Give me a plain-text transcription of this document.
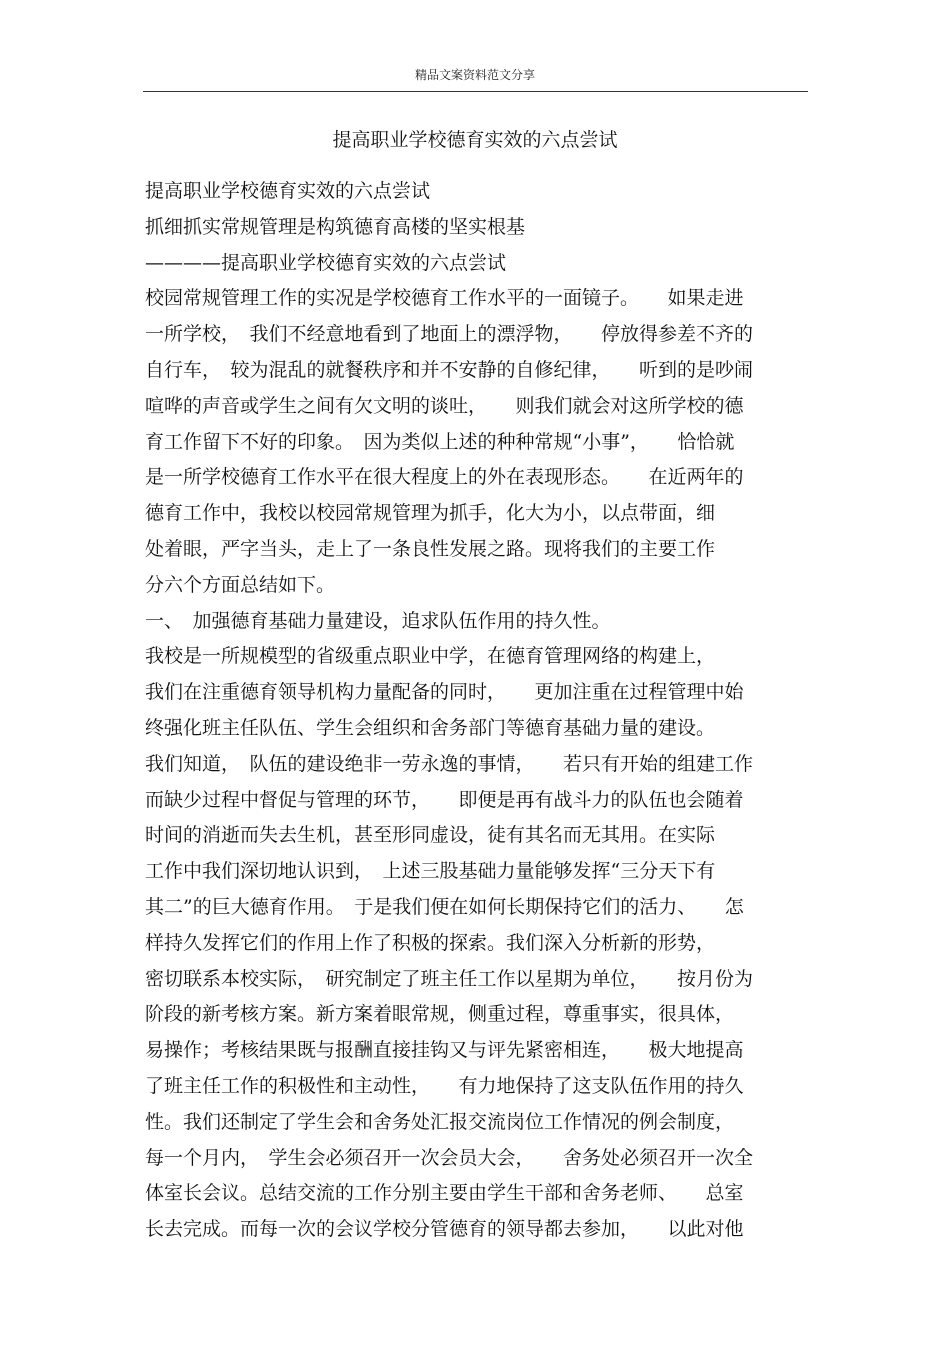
精品文案资料范文分享
提高职业学校德育实效的六点尝试
提高职业学校德育实效的六点尝试
抓细抓实常规管理是构筑德育高楼的坚实根基
————提高职业学校德育实效的六点尝试
校园常规管理工作的实况是学校德育工作水平的一面镜子。　　如果走进
一所学校，　我们不经意地看到了地面上的漂浮物，　　停放得参差不齐的
自行车，　较为混乱的就餐秩序和并不安静的自修纪律，　　听到的是吵闹
喧哗的声音或学生之间有欠文明的谈吐，　　则我们就会对这所学校的德
育工作留下不好的印象。　因为类似上述的种种常规“小事”，　　恰恰就
是一所学校德育工作水平在很大程度上的外在表现形态。　　在近两年的
德育工作中，我校以校园常规管理为抓手，化大为小，以点带面，细
处着眼，严字当头，走上了一条良性发展之路。现将我们的主要工作
分六个方面总结如下。
一、　加强德育基础力量建设，追求队伍作用的持久性。
我校是一所规模型的省级重点职业中学，在德育管理网络的构建上，
我们在注重德育领导机构力量配备的同时，　　更加注重在过程管理中始
终强化班主任队伍、学生会组织和舍务部门等德育基础力量的建设。
我们知道，　队伍的建设绝非一劳永逸的事情，　　若只有开始的组建工作
而缺少过程中督促与管理的环节，　　即便是再有战斗力的队伍也会随着
时间的消逝而失去生机，甚至形同虚设，徒有其名而无其用。在实际
工作中我们深切地认识到，　上述三股基础力量能够发挥“三分天下有
其二”的巨大德育作用。　于是我们便在如何长期保持它们的活力、　　怎
样持久发挥它们的作用上作了积极的探索。我们深入分析新的形势，
密切联系本校实际，　研究制定了班主任工作以星期为单位，　　按月份为
阶段的新考核方案。新方案着眼常规，侧重过程，尊重事实，很具体，
易操作；考核结果既与报酬直接挂钩又与评先紧密相连，　　极大地提高
了班主任工作的积极性和主动性，　　有力地保持了这支队伍作用的持久
性。我们还制定了学生会和舍务处汇报交流岗位工作情况的例会制度，
每一个月内，　学生会必须召开一次会员大会，　　舍务处必须召开一次全
体室长会议。总结交流的工作分别主要由学生干部和舍务老师、　　总室
长去完成。而每一次的会议学校分管德育的领导都去参加，　　以此对他
